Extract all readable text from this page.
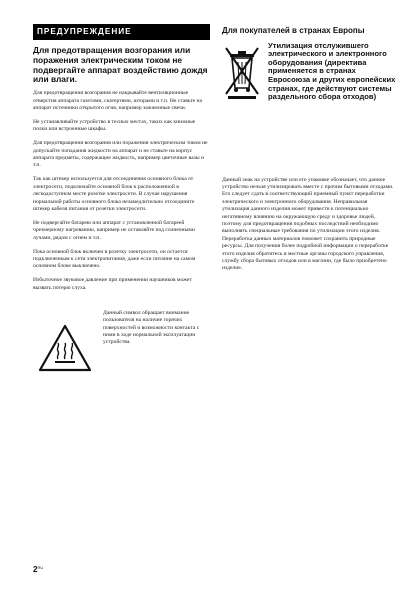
ПРЕДУПРЕЖДЕНИЕ
Для предотвращения возгорания или поражения электрическим током не подвергайте аппарат воздействию дождя или влаги.

Для предотвращения возгорания не накрывайте вентиляционные отверстия аппарата газетами, скатертями, шторами и т.п. Не ставьте на аппарат источники открытого огня, например зажженные свечи.

Не устанавливайте устройство в тесных местах, таких как книжные полки или встроенные шкафы.

Для предотвращения возгорания или поражения электрическим током не допускайте попадания жидкости на аппарат и не ставьте на корпус аппарата предметы, содержащие жидкость, например цветочные вазы и т.п.

Так как штекер используется для отсоединения основного блока от электросети, подключайте основной блок к расположенной в легкодоступном месте розетке электросети. В случае нарушения нормальной работы основного блока незамедлительно отсоедините штекер кабеля питания от розетки электросети.

Не подвергайте батарею или аппарат с установленной батареей чрезмерному нагреванию, например не оставляйте под солнечными лучами, рядом с огнем и т.п.

Пока основной блок включен в розетку электросети, он остается подключенным к сети электропитания, даже если питание на самом основном блоке выключено.

Избыточное звуковое давление при применении наушников может вызвать потерю слуха.

Данный символ обращает внимание пользователя на наличие горячих поверхностей и возможности контакта с ними в ходе нормальной эксплуатации устройства.
Для покупателей в странах Европы
Утилизация отслужившего электрического и электронного оборудования (директива применяется в странах Евросоюза и других европейских странах, где действуют системы раздельного сбора отходов)
Данный знак на устройстве или его упаковке обозначает, что данное устройство нельзя утилизировать вместе с прочим бытовыми отходами. Его следует сдать в соответствующий приемный пункт переработки электрического и электронного оборудования. Неправильная утилизация данного изделия может привести к потенциально негативному влиянию на окружающую среду и здоровье людей, поэтому для предотвращения подобных последствий необходимо выполнять специальные требования по утилизации этого изделия. Переработка данных материалов поможет сохранить природные ресурсы. Для получения более подробной информации о переработке этого изделия обратитесь в местные органы городского управления, службу сбора бытовых отходов или в магазин, где было приобретено изделие.
$2^{RU}$
